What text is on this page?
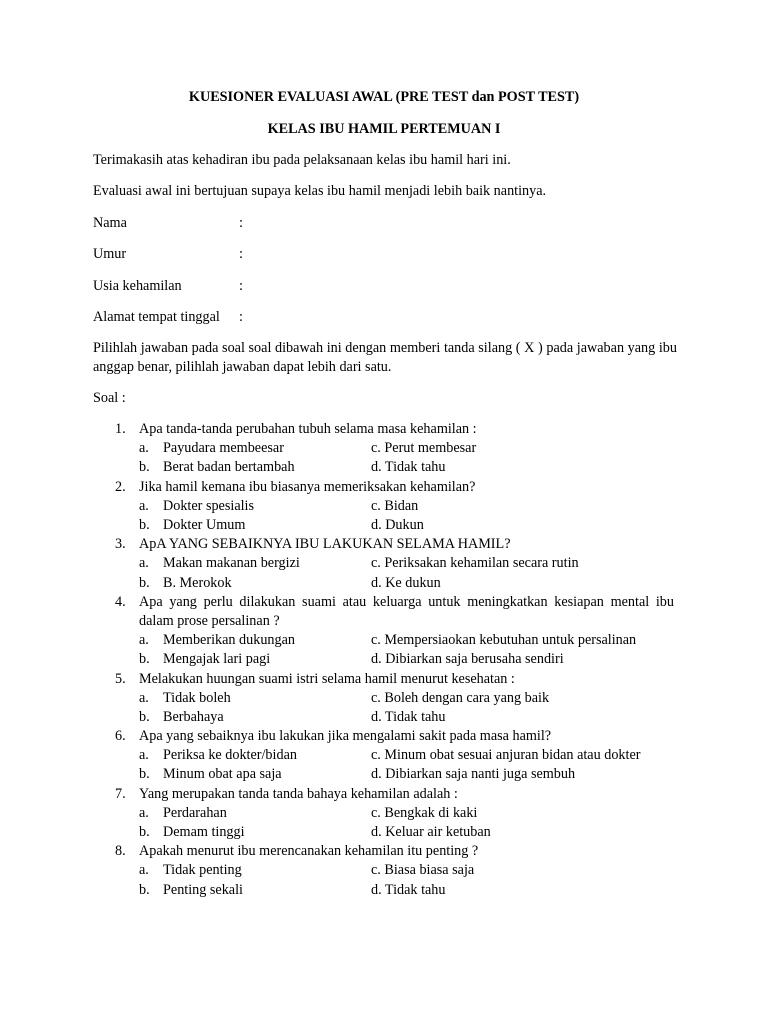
KUESIONER EVALUASI AWAL (PRE TEST dan POST TEST)
KELAS IBU HAMIL PERTEMUAN I
Terimakasih atas kehadiran ibu pada pelaksanaan kelas ibu hamil hari ini.
Evaluasi awal ini bertujuan supaya kelas ibu hamil menjadi lebih baik nantinya.
Nama	:
Umur	:
Usia kehamilan	:
Alamat tempat tinggal :
Pilihlah jawaban pada soal soal dibawah ini dengan memberi tanda silang ( X ) pada jawaban yang ibu anggap benar, pilihlah jawaban dapat lebih dari satu.
Soal :
1. Apa tanda-tanda perubahan tubuh selama masa kehamilan :
a. Payudara membeesar	c. Perut membesar
b. Berat badan bertambah	d. Tidak tahu
2. Jika hamil kemana ibu biasanya memeriksakan kehamilan?
a. Dokter spesialis	c. Bidan
b. Dokter Umum	d. Dukun
3. ApA YANG SEBAIKNYA IBU LAKUKAN SELAMA HAMIL?
a. Makan makanan bergizi	c. Periksakan kehamilan secara rutin
b. B. Merokok	d. Ke dukun
4. Apa yang perlu dilakukan suami atau keluarga untuk meningkatkan kesiapan mental ibu dalam prose persalinan ?
a. Memberikan dukungan	c. Mempersiaokan kebutuhan untuk persalinan
b. Mengajak lari pagi	d. Dibiarkan saja berusaha sendiri
5. Melakukan huungan suami istri selama hamil menurut kesehatan :
a. Tidak boleh	c. Boleh dengan cara yang baik
b. Berbahaya	d. Tidak tahu
6. Apa yang sebaiknya ibu lakukan jika mengalami sakit pada masa hamil?
a. Periksa ke dokter/bidan	c. Minum obat sesuai anjuran bidan atau dokter
b. Minum obat apa saja	d. Dibiarkan saja nanti juga sembuh
7. Yang merupakan tanda tanda bahaya kehamilan adalah :
a. Perdarahan	c. Bengkak di kaki
b. Demam tinggi	d. Keluar air ketuban
8. Apakah menurut ibu merencanakan kehamilan itu penting ?
a. Tidak penting	c. Biasa biasa saja
b. Penting sekali	d. Tidak tahu
